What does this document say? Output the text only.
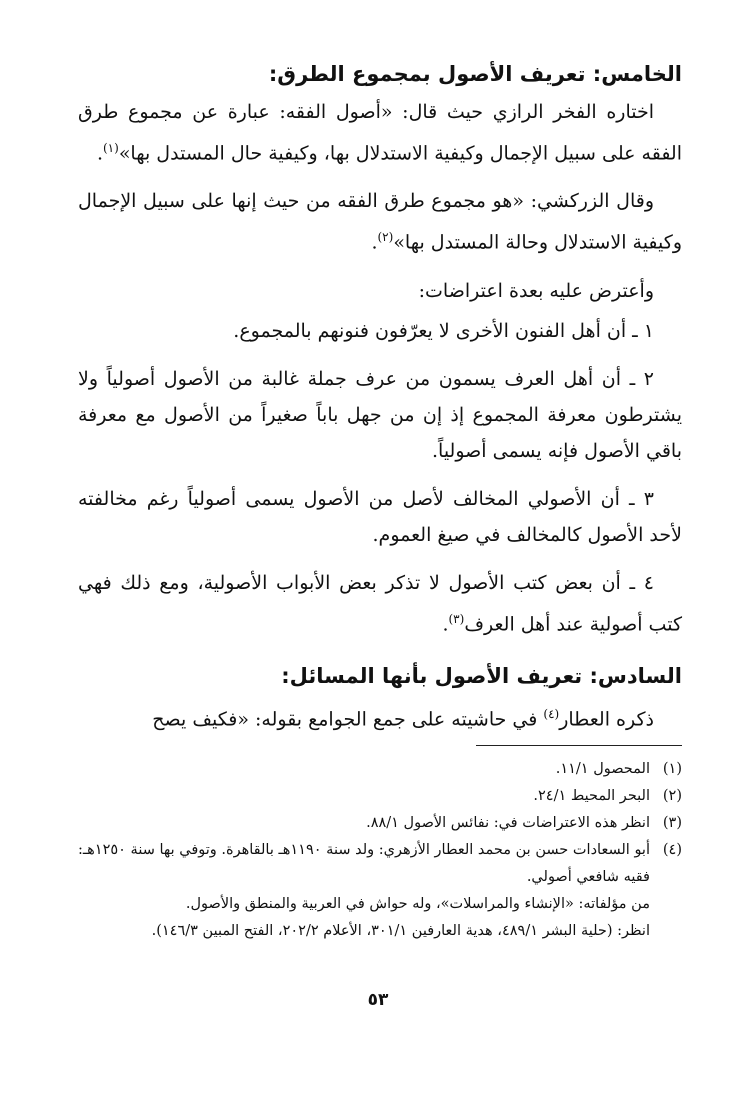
الخامس: تعريف الأصول بمجموع الطرق:

اختاره الفخر الرازي حيث قال: «أصول الفقه: عبارة عن مجموع طرق الفقه على سبيل الإجمال وكيفية الاستدلال بها، وكيفية حال المستدل بها»$^{(١)}$.

وقال الزركشي: «هو مجموع طرق الفقه من حيث إنها على سبيل الإجمال وكيفية الاستدلال وحالة المستدل بها»$^{(٢)}$.

وأعترض عليه بعدة اعتراضات:

١ ـ أن أهل الفنون الأخرى لا يعرّفون فنونهم بالمجموع.

٢ ـ أن أهل العرف يسمون من عرف جملة غالبة من الأصول أصولياً ولا يشترطون معرفة المجموع إذ إن من جهل باباً صغيراً من الأصول مع معرفة باقي الأصول فإنه يسمى أصولياً.

٣ ـ أن الأصولي المخالف لأصل من الأصول يسمى أصولياً رغم مخالفته لأحد الأصول كالمخالف في صيغ العموم.

٤ ـ أن بعض كتب الأصول لا تذكر بعض الأبواب الأصولية، ومع ذلك فهي كتب أصولية عند أهل العرف$^{(٣)}$.

السادس: تعريف الأصول بأنها المسائل:

ذكره العطار$^{(٤)}$ في حاشيته على جمع الجوامع بقوله: «فكيف يصح

(١)
المحصول ١١/١.
(٢)
البحر المحيط ٢٤/١.
(٣)
انظر هذه الاعتراضات في: نفائس الأصول ٨٨/١.
(٤)
أبو السعادات حسن بن محمد العطار الأزهري: ولد سنة ١١٩٠هـ بالقاهرة. وتوفي بها سنة ١٢٥٠هـ: فقيه شافعي أصولي.
من مؤلفاته: «الإنشاء والمراسلات»، وله حواش في العربية والمنطق والأصول.
انظر: (حلية البشر ٤٨٩/١، هدية العارفين ٣٠١/١، الأعلام ٢٠٢/٢، الفتح المبين ١٤٦/٣).
٥٣
